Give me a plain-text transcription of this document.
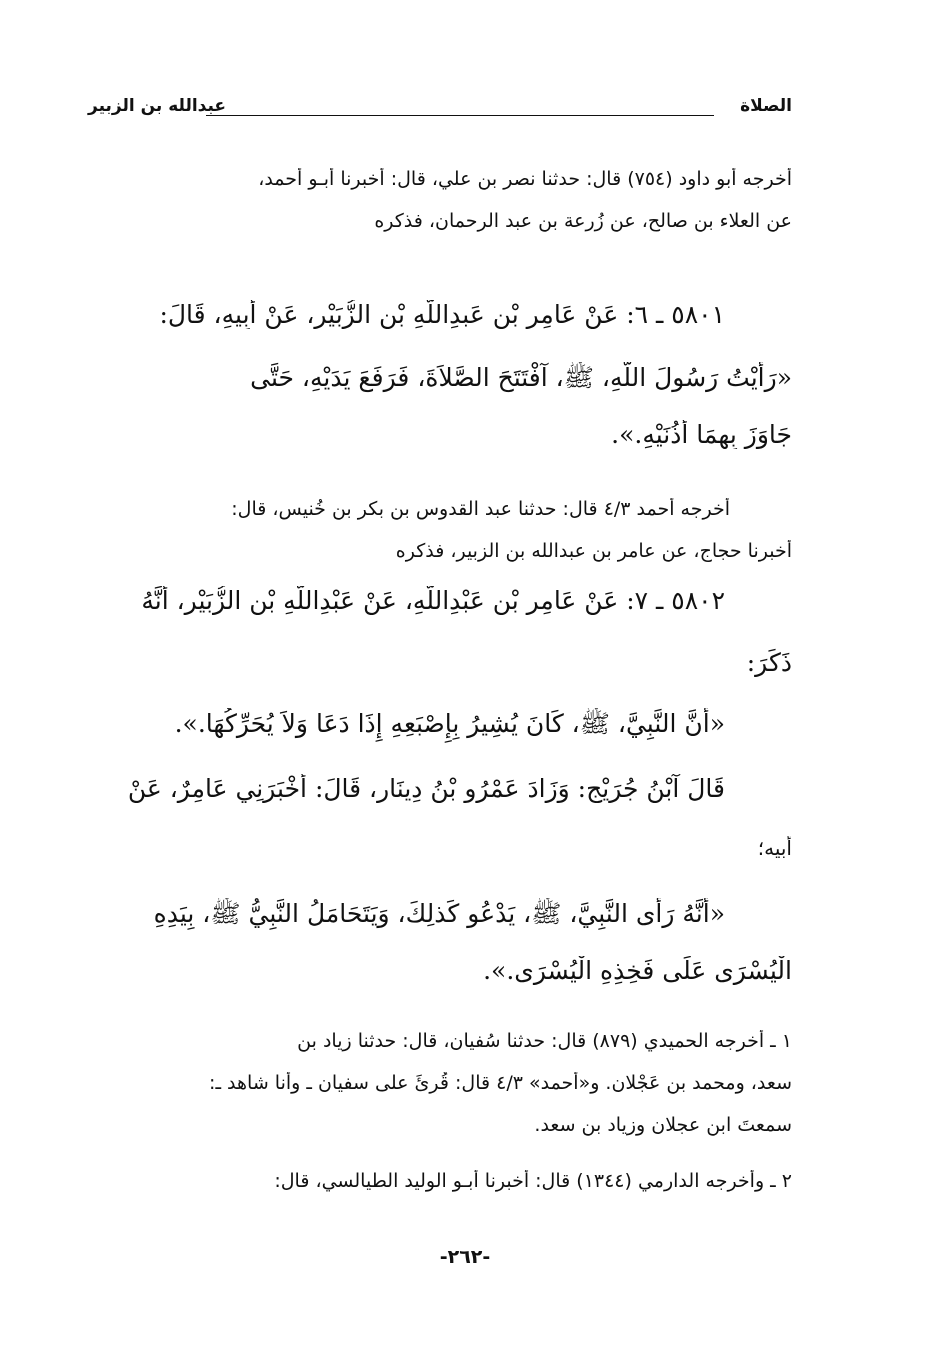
الصلاة
عبدالله بن الزبير
أخرجه أبو داود (٧٥٤) قال: حدثنا نصر بن علي، قال: أخبرنا أبـو أحمد،
عن العلاء بن صالح، عن زُرعة بن عبد الرحمان، فذكره
٥٨٠١ ـ ٦: عَنْ عَامِرِ بْنِ عَبدِاللّهِ بْنِ الزُّبَيْرِ، عَنْ أَبِيهِ، قَالَ:
«رَأَيْتُ رَسُولَ اللّهِ، ﷺ، آفْتَتَحَ الصَّلاَةَ، فَرَفَعَ يَدَيْهِ، حَتَّى
جَاوَزَ بِهِمَا أُذُنَيْهِ.».
أخرجه أحمد ٤/٣ قال: حدثنا عبد القدوس بن بكر بن خُنيس، قال:
أخبرنا حجاج، عن عامر بن عبدالله بن الزبير، فذكره
٥٨٠٢ ـ ٧: عَنْ عَامِرِ بْنِ عَبْدِاللّهِ، عَنْ عَبْدِاللّهِ بْنِ الزُّبَيْرِ، أَنَّهُ
ذَكَرَ:
«أَنَّ النَّبِيَّ، ﷺ، كَانَ يُشِيرُ بِإِصْبَعِهِ إِذَا دَعَا وَلاَ يُحَرِّكُهَا.».
قَالَ آبْنُ جُرَيْجٍ: وَزَادَ عَمْرُو بْنُ دِينَارٍ، قَالَ: أَخْبَرَنِي عَامِرٌ، عَنْ
أبيه؛
«أَنَّهُ رَأَى النَّبِيَّ، ﷺ، يَدْعُو كَذلِكَ، وَيَتَحَامَلُ النَّبِيُّ ﷺ، بِيَدِهِ
الْيُسْرَى عَلَى فَخِذِهِ الْيُسْرَى.».
١ ـ أخرجه الحميدي (٨٧٩) قال: حدثنا سُفيان، قال: حدثنا زياد بن
سعد، ومحمد بن عَجْلان. و«أحمد» ٤/٣ قال: قُرِئَ على سفيان ـ وأنا شاهد ـ:
سمعتَ ابن عجلان وزياد بن سعد.
٢ ـ وأخرجه الدارمي (١٣٤٤) قال: أخبرنا أبـو الوليد الطيالسي، قال:
-٢٦٢-
